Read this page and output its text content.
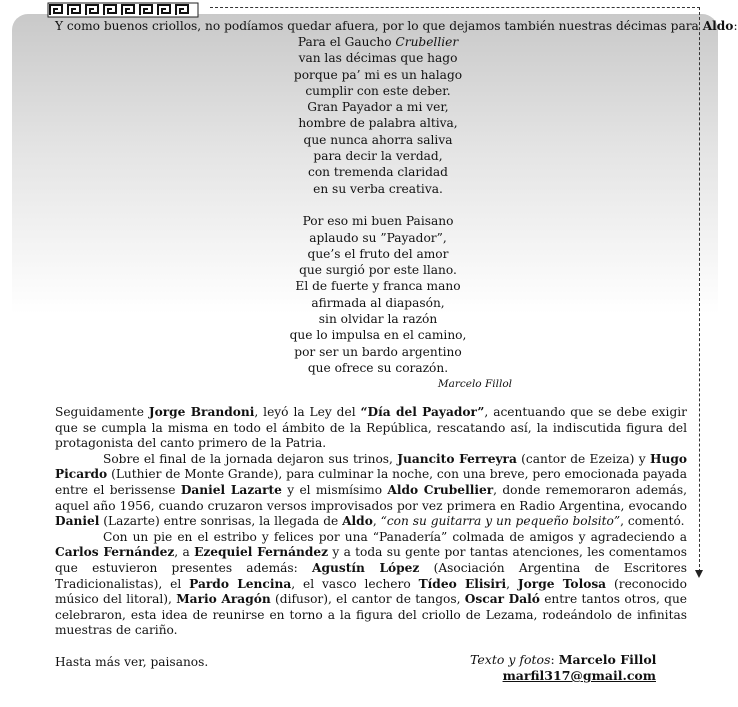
Y como buenos criollos, no podíamos quedar afuera, por lo que dejamos también nuestras décimas para Aldo:
Para el Gaucho Crubellier
van las décimas que hago
porque pa’ mi es un halago
cumplir con este deber.
Gran Payador a mi ver,
hombre de palabra altiva,
que nunca ahorra saliva
para decir la verdad,
con tremenda claridad
en su verba creativa.
Por eso mi buen Paisano
aplaudo su ”Payador”,
que’s el fruto del amor
que surgió por este llano.
El de fuerte y franca mano
afirmada al diapasón,
sin olvidar la razón
que lo impulsa en el camino,
por ser un bardo argentino
que ofrece su corazón.
Marcelo Fillol

Seguidamente Jorge Brandoni, leyó la Ley del “Día del Payador”, acentuando que se debe exigir que se cumpla la misma en todo el ámbito de la República, rescatando así, la indiscutida figura del protagonista del canto primero de la Patria.

Sobre el final de la jornada dejaron sus trinos, Juancito Ferreyra (cantor de Ezeiza) y Hugo Picardo (Luthier de Monte Grande), para culminar la noche, con una breve, pero emocionada payada entre el berissense Daniel Lazarte y el mismísimo Aldo Crubellier, donde rememoraron además, aquel año 1956, cuando cruzaron versos improvisados por vez primera en Radio Argentina, evocando Daniel (Lazarte) entre sonrisas, la llegada de Aldo, “con su guitarra y un pequeño bolsito”, comentó.

Con un pie en el estribo y felices por una “Panadería” colmada de amigos y agradeciendo a Carlos Fernández, a Ezequiel Fernández y a toda su gente por tantas atenciones, les comentamos que estuvieron presentes además: Agustín López (Asociación Argentina de Escritores Tradicionalistas), el Pardo Lencina, el vasco lechero Tídeo Elisiri, Jorge Tolosa (reconocido músico del litoral), Mario Aragón (difusor), el cantor de tangos, Oscar Daló entre tantos otros, que celebraron, esta idea de reunirse en torno a la figura del criollo de Lezama, rodeándolo de infinitas muestras de cariño.

Hasta más ver, paisanos.	Texto y fotos: Marcelo Fillol
marfil317@gmail.com
